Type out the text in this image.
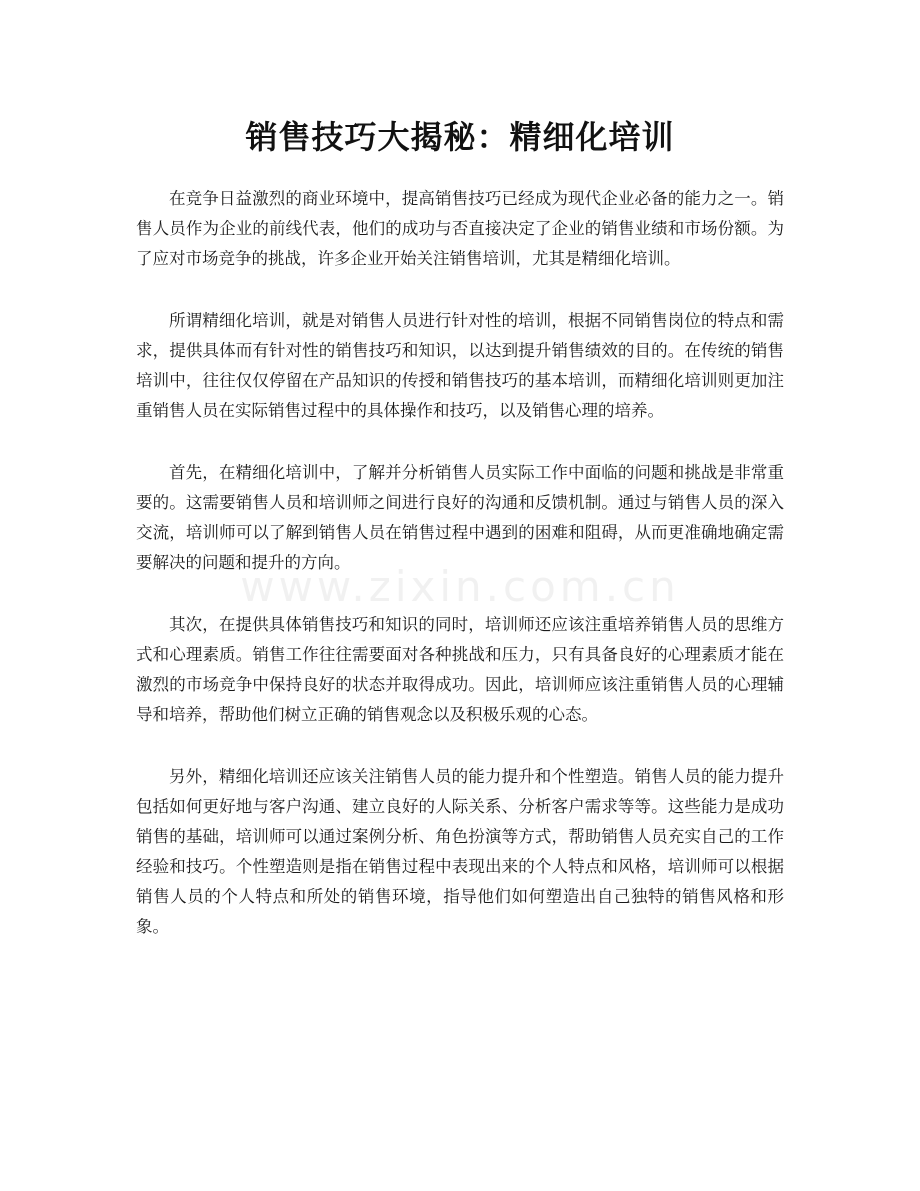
销售技巧大揭秘：精细化培训
www.zixin.com.cn

在竞争日益激烈的商业环境中，提高销售技巧已经成为现代企业必备的能力之一。销售人员作为企业的前线代表，他们的成功与否直接决定了企业的销售业绩和市场份额。为了应对市场竞争的挑战，许多企业开始关注销售培训，尤其是精细化培训。

所谓精细化培训，就是对销售人员进行针对性的培训，根据不同销售岗位的特点和需求，提供具体而有针对性的销售技巧和知识，以达到提升销售绩效的目的。在传统的销售培训中，往往仅仅停留在产品知识的传授和销售技巧的基本培训，而精细化培训则更加注重销售人员在实际销售过程中的具体操作和技巧，以及销售心理的培养。

首先，在精细化培训中，了解并分析销售人员实际工作中面临的问题和挑战是非常重要的。这需要销售人员和培训师之间进行良好的沟通和反馈机制。通过与销售人员的深入交流，培训师可以了解到销售人员在销售过程中遇到的困难和阻碍，从而更准确地确定需要解决的问题和提升的方向。

其次，在提供具体销售技巧和知识的同时，培训师还应该注重培养销售人员的思维方式和心理素质。销售工作往往需要面对各种挑战和压力，只有具备良好的心理素质才能在激烈的市场竞争中保持良好的状态并取得成功。因此，培训师应该注重销售人员的心理辅导和培养，帮助他们树立正确的销售观念以及积极乐观的心态。

另外，精细化培训还应该关注销售人员的能力提升和个性塑造。销售人员的能力提升包括如何更好地与客户沟通、建立良好的人际关系、分析客户需求等等。这些能力是成功销售的基础，培训师可以通过案例分析、角色扮演等方式，帮助销售人员充实自己的工作经验和技巧。个性塑造则是指在销售过程中表现出来的个人特点和风格，培训师可以根据销售人员的个人特点和所处的销售环境，指导他们如何塑造出自己独特的销售风格和形象。
